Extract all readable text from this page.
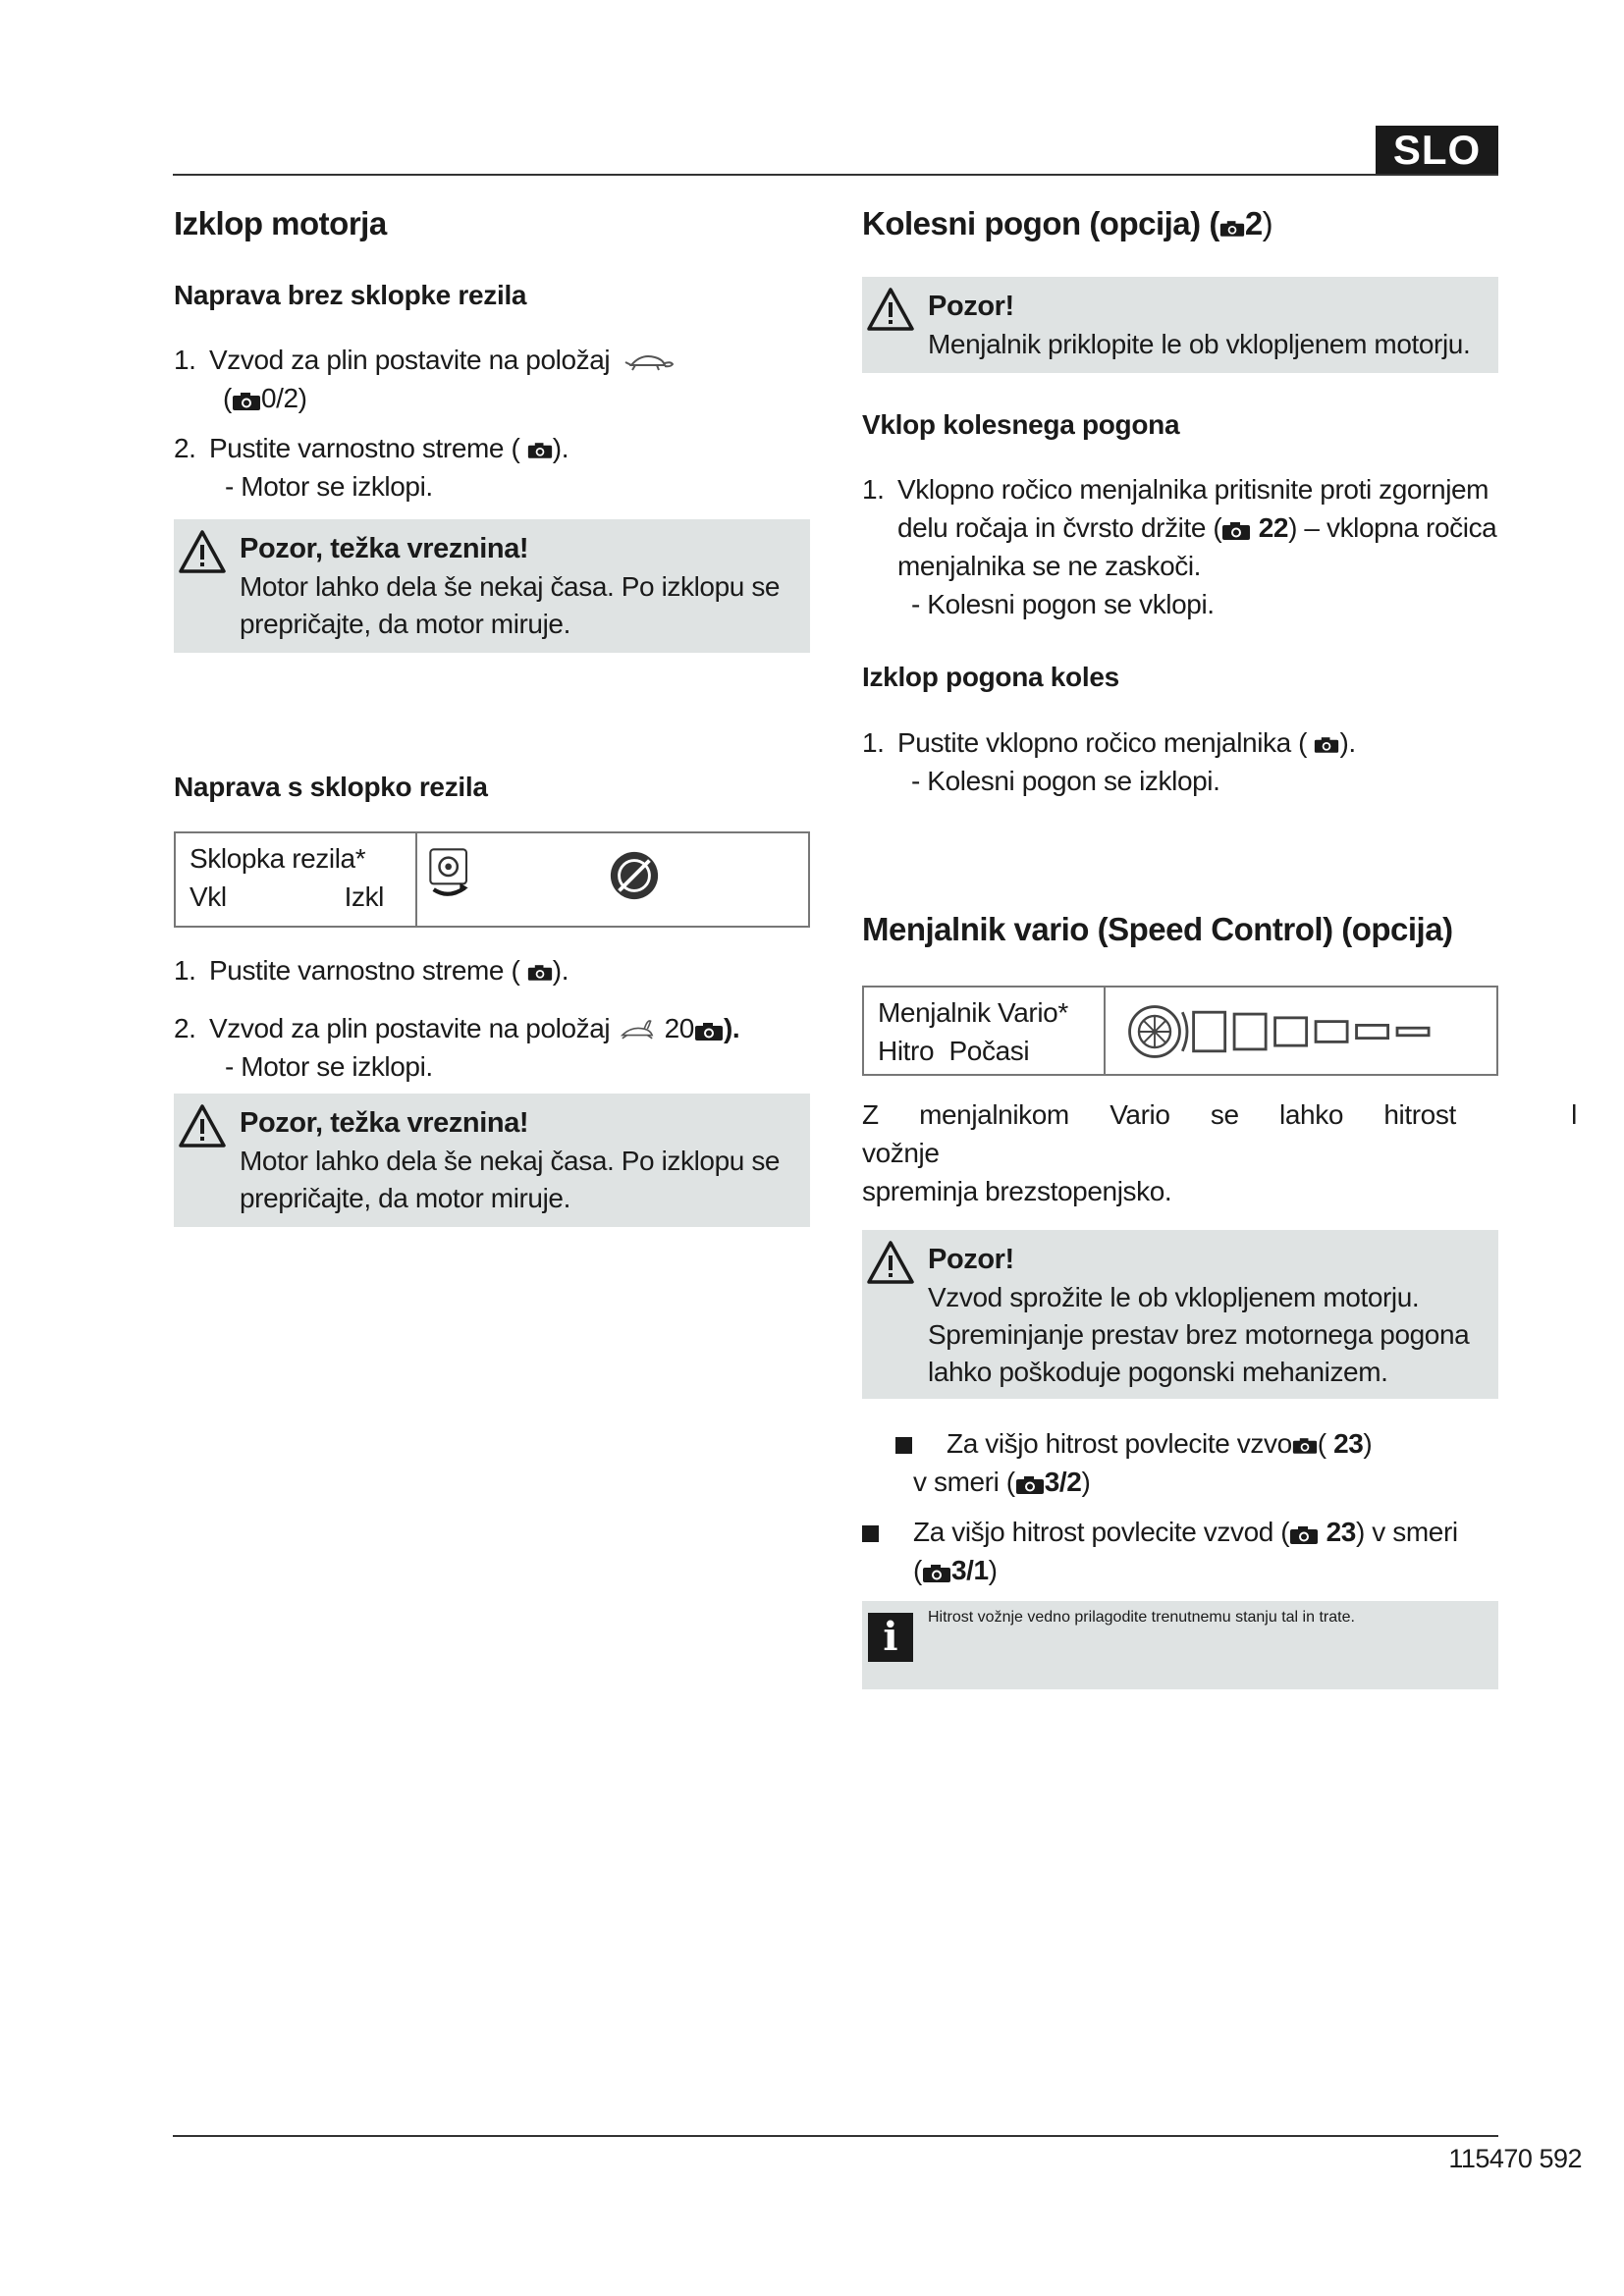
SLO
Izklop motorja
Naprava brez sklopke rezila
1. Vzvod za plin postavite na položaj

( 0/2)
2. Pustite varnostno streme ( ).
- Motor se izklopi.
Pozor, težka vreznina!
Motor lahko dela še nekaj časa. Po izklopu se prepričajte, da motor miruje.
Naprava s sklopko rezila
Sklopka rezila*
Vkl	Izkl
1. Pustite varnostno streme ( ).
2. Vzvod za plin postavite na položaj 20 ).
- Motor se izklopi.
Pozor, težka vreznina!
Motor lahko dela še nekaj časa. Po izklopu se prepričajte, da motor miruje.
Kolesni pogon (opcija) ( 2)
Pozor!
Menjalnik priklopite le ob vklopljenem motorju.
Vklop kolesnega pogona
1. Vklopno ročico menjalnika pritisnite proti zgornjem delu ročaja in čvrsto držite ( 22) – vklopna ročica menjalnika se ne zaskoči.
- Kolesni pogon se vklopi.
Izklop pogona koles
1. Pustite vklopno ročico menjalnika ( ).
- Kolesni pogon se izklopi.
Menjalnik vario (Speed Control) (opcija)
Menjalnik Vario*
Hitro Počasi
Z menjalnikom Vario se lahko hitrost vožnje
l
spreminja brezstopenjsko.
Pozor!
Vzvod sprožite le ob vklopljenem motorju. Spreminjanje prestav brez motornega pogona lahko poškoduje pogonski mehanizem.
Za višjo hitrost povlecite vzvo ( 23)
v smeri ( 3/2)
Za višjo hitrost povlecite vzvod ( 23) v smeri
( 3/1)
i	Hitrost vožnje vedno prilagodite trenutnemu stanju tal in trate.
115470 592
